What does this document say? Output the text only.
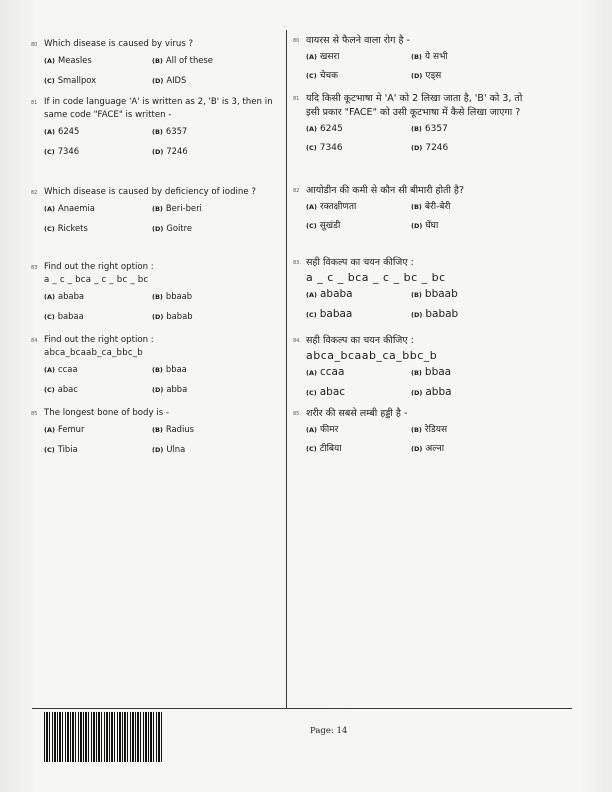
80 Which disease is caused by virus ?
(A) Measles	(B) All of these
(C) Smallpox	(D) AIDS
81 If in code language 'A' is written as 2, 'B' is 3, then in same code "FACE" is written -
(A) 6245	(B) 6357
(C) 7346	(D) 7246
82 Which disease is caused by deficiency of iodine ?
(A) Anaemia	(B) Beri-beri
(C) Rickets	(D) Goitre
83 Find out the right option :
a _ c _ bca _ c _ bc _ bc
(A) ababa	(B) bbaab
(C) babaa	(D) babab
84 Find out the right option :
abca_bcaab_ca_bbc_b
(A) ccaa	(B) bbaa
(C) abac	(D) abba
85 The longest bone of body is -
(A) Femur	(B) Radius
(C) Tibia	(D) Ulna
80 वायरस से फैलने वाला रोग है -
(A) खसरा	(B) ये सभी
(C) चेचक	(D) एड्स
81 यदि किसी कूटभाषा मे 'A' को 2 लिखा जाता है, 'B' को 3, तो इसी प्रकार "FACE" को उसी कूटभाषा में कैसे लिखा जाएगा ?
(A) 6245	(B) 6357
(C) 7346	(D) 7246
82 आयोडीन की कमी से कौन सी बीमारी होती है?
(A) रक्तक्षीणता	(B) बेरी-बेरी
(C) सुखंडी	(D) घेंघा
83. सही विकल्प का चयन कीजिए :
a _ c _ bca _ c _ bc _ bc
(A) ababa	(B) bbaab
(C) babaa	(D) babab
84. सही विकल्प का चयन कीजिए :
abca_bcaab_ca_bbc_b
(A) ccaa	(B) bbaa
(C) abac	(D) abba
85. शरीर की सबसे लम्बी हड्डी है -
(A) फीमर	(B) रेडियस
(C) टीबिया	(D) अल्ना
Page: 14
